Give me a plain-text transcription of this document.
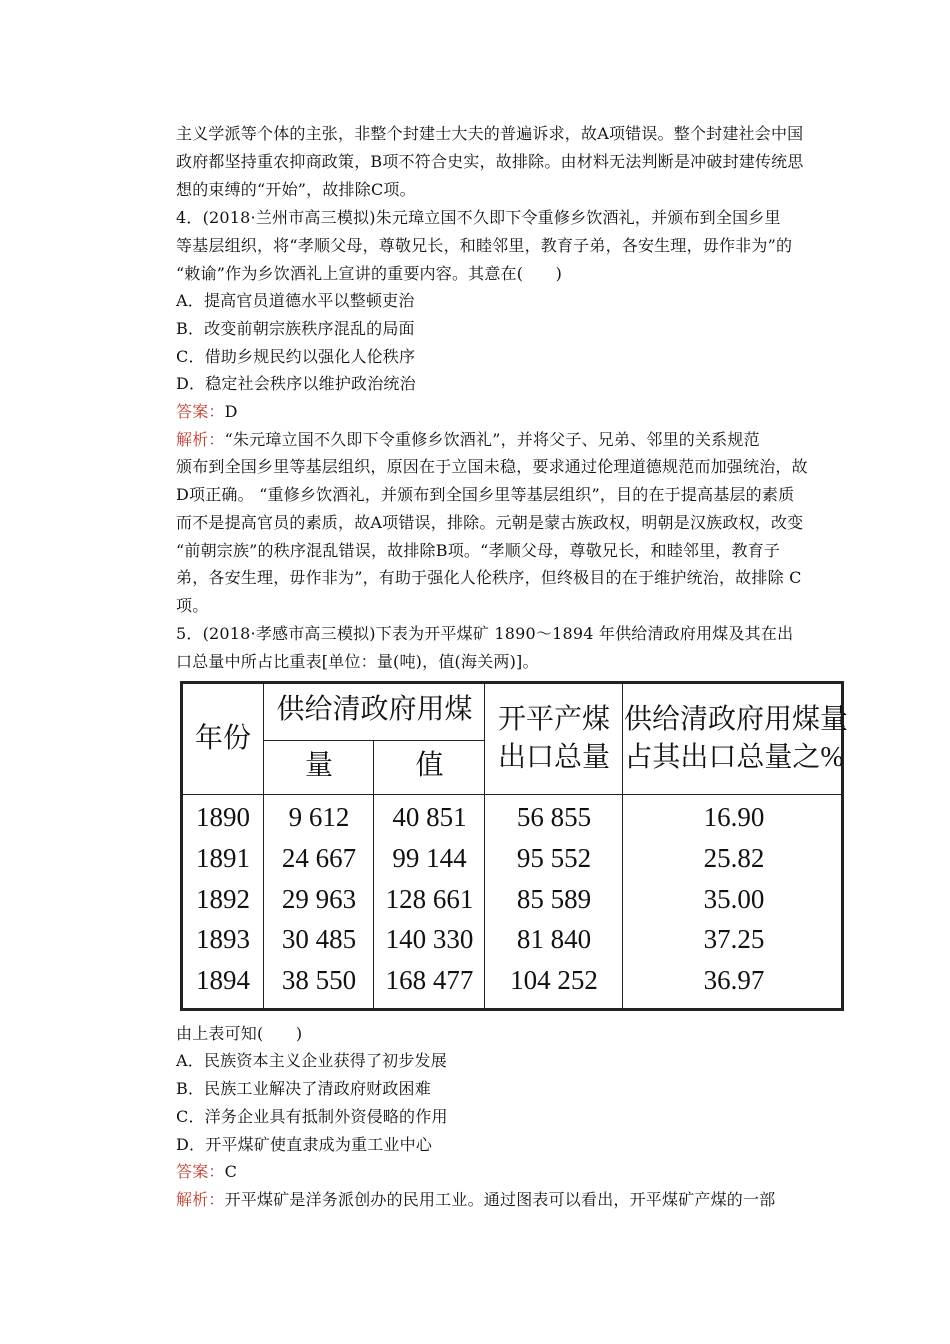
主义学派等个体的主张，非整个封建士大夫的普遍诉求，故A项错误。整个封建社会中国
政府都坚持重农抑商政策，B项不符合史实，故排除。由材料无法判断是冲破封建传统思
想的束缚的“开始”，故排除C项。
4．(2018·兰州市高三模拟)朱元璋立国不久即下令重修乡饮酒礼，并颁布到全国乡里
等基层组织，将“孝顺父母，尊敬兄长，和睦邻里，教育子弟，各安生理，毋作非为”的
“敕谕”作为乡饮酒礼上宣讲的重要内容。其意在(　　)
A．提高官员道德水平以整顿吏治
B．改变前朝宗族秩序混乱的局面
C．借助乡规民约以强化人伦秩序
D．稳定社会秩序以维护政治统治
答案：D
解析：“朱元璋立国不久即下令重修乡饮酒礼”，并将父子、兄弟、邻里的关系规范
颁布到全国乡里等基层组织，原因在于立国未稳，要求通过伦理道德规范而加强统治，故
D项正确。 “重修乡饮酒礼，并颁布到全国乡里等基层组织”，目的在于提高基层的素质
而不是提高官员的素质，故A项错误，排除。元朝是蒙古族政权，明朝是汉族政权，改变
“前朝宗族”的秩序混乱错误，故排除B项。“孝顺父母，尊敬兄长，和睦邻里，教育子
弟，各安生理，毋作非为”，有助于强化人伦秩序，但终极目的在于维护统治，故排除 C
项。
5．(2018·孝感市高三模拟)下表为开平煤矿 1890～1894 年供给清政府用煤及其在出
口总量中所占比重表[单位：量(吨)，值(海关两)]。
年份
供给清政府用煤
量	值
开平产煤
出口总量
供给清政府用煤量
占其出口总量之%
1890
1891
1892
1893
1894
9 612
24 667
29 963
30 485
38 550
40 851
99 144
128 661
140 330
168 477
56 855
95 552
85 589
81 840
104 252
16.90
25.82
35.00
37.25
36.97
由上表可知(　　)
A．民族资本主义企业获得了初步发展
B．民族工业解决了清政府财政困难
C．洋务企业具有抵制外资侵略的作用
D．开平煤矿使直隶成为重工业中心
答案：C
解析：开平煤矿是洋务派创办的民用工业。通过图表可以看出，开平煤矿产煤的一部
